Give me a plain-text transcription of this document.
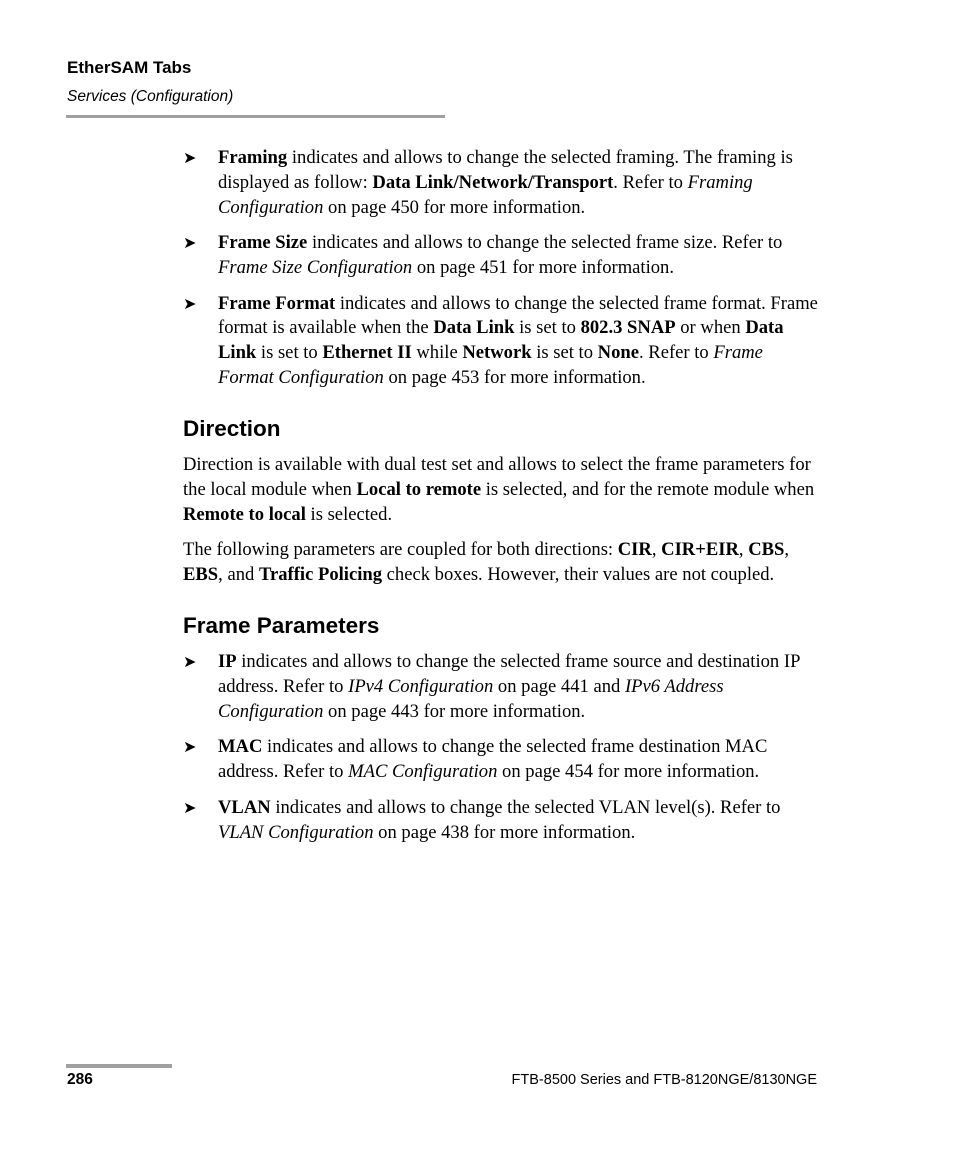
EtherSAM Tabs
Services (Configuration)
➤ Framing indicates and allows to change the selected framing. The framing is displayed as follow: Data Link/Network/Transport. Refer to Framing Configuration on page 450 for more information.
➤ Frame Size indicates and allows to change the selected frame size. Refer to Frame Size Configuration on page 451 for more information.
➤ Frame Format indicates and allows to change the selected frame format. Frame format is available when the Data Link is set to 802.3 SNAP or when Data Link is set to Ethernet II while Network is set to None. Refer to Frame Format Configuration on page 453 for more information.
Direction

Direction is available with dual test set and allows to select the frame parameters for the local module when Local to remote is selected, and for the remote module when Remote to local is selected.

The following parameters are coupled for both directions: CIR, CIR+EIR, CBS, EBS, and Traffic Policing check boxes. However, their values are not coupled.

Frame Parameters
➤ IP indicates and allows to change the selected frame source and destination IP address. Refer to IPv4 Configuration on page 441 and IPv6 Address Configuration on page 443 for more information.
➤ MAC indicates and allows to change the selected frame destination MAC address. Refer to MAC Configuration on page 454 for more information.
➤ VLAN indicates and allows to change the selected VLAN level(s). Refer to VLAN Configuration on page 438 for more information.
286	FTB-8500 Series and FTB-8120NGE/8130NGE
